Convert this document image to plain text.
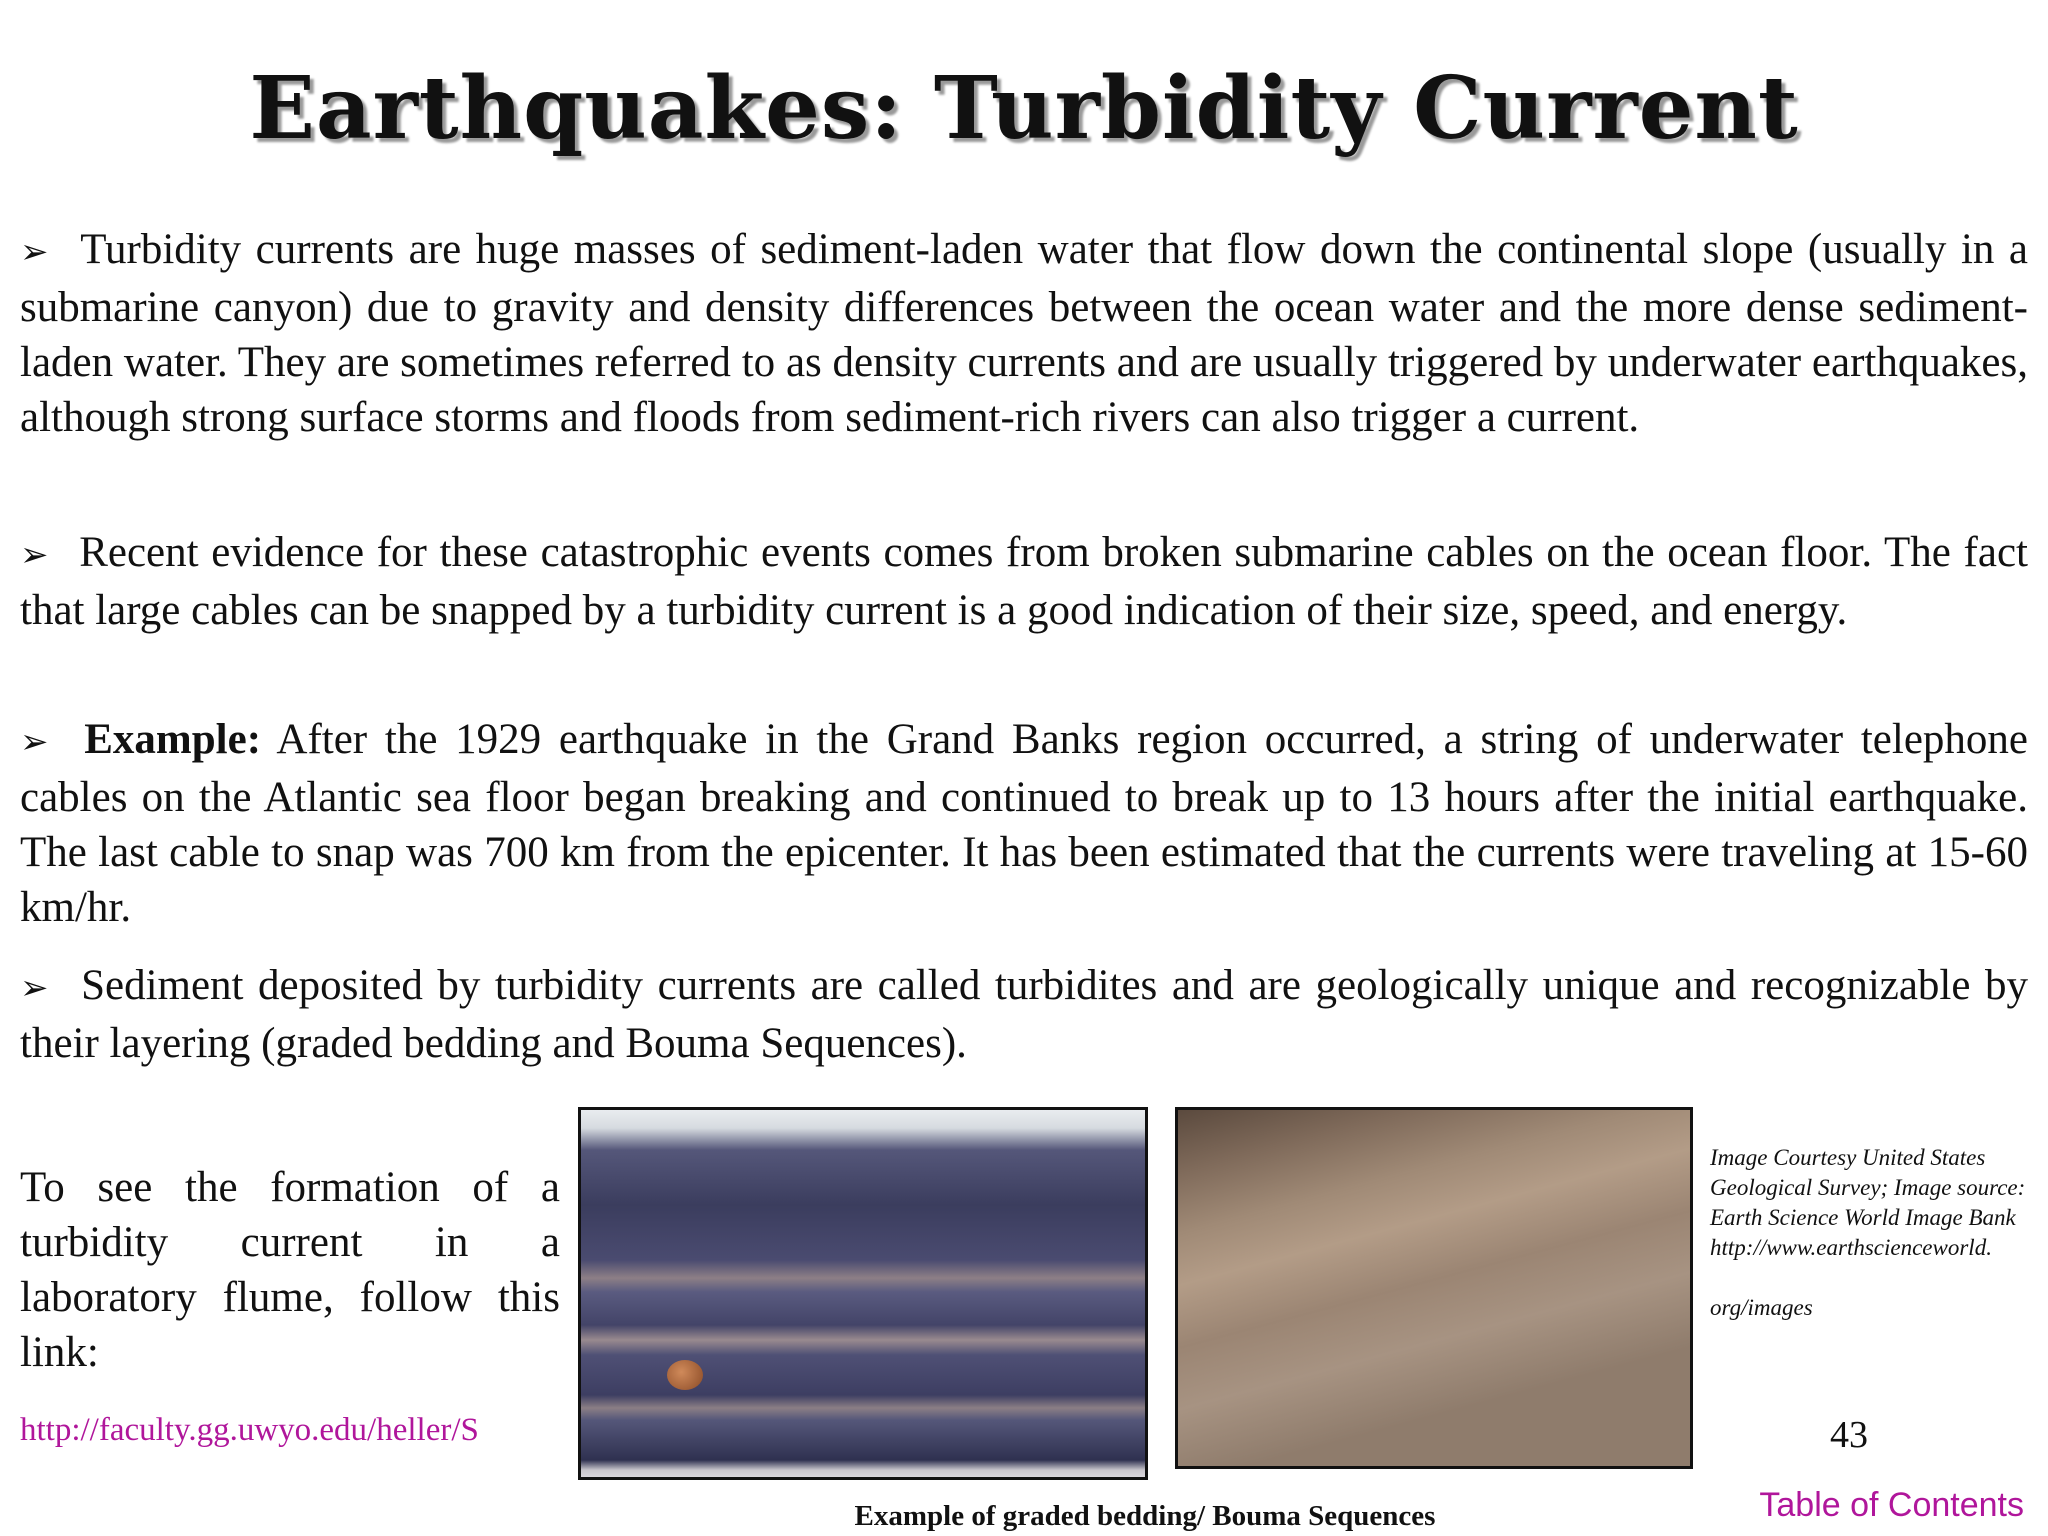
Earthquakes: Turbidity Current
➢ Turbidity currents are huge masses of sediment-laden water that flow down the continental slope (usually in a submarine canyon) due to gravity and density differences between the ocean water and the more dense sediment-laden water. They are sometimes referred to as density currents and are usually triggered by underwater earthquakes, although strong surface storms and floods from sediment-rich rivers can also trigger a current.
➢ Recent evidence for these catastrophic events comes from broken submarine cables on the ocean floor. The fact that large cables can be snapped by a turbidity current is a good indication of their size, speed, and energy.
➢ Example: After the 1929 earthquake in the Grand Banks region occurred, a string of underwater telephone cables on the Atlantic sea floor began breaking and continued to break up to 13 hours after the initial earthquake. The last cable to snap was 700 km from the epicenter. It has been estimated that the currents were traveling at 15-60 km/hr.
➢ Sediment deposited by turbidity currents are called turbidites and are geologically unique and recognizable by their layering (graded bedding and Bouma Sequences).
To see the formation of a turbidity current in a laboratory flume, follow this link:
http://faculty.gg.uwyo.edu/heller/S
Image Courtesy United States Geological Survey; Image source: Earth Science World Image Bank http://www.earthscienceworld.
org/images
Example of graded bedding/ Bouma Sequences
43
Table of Contents
